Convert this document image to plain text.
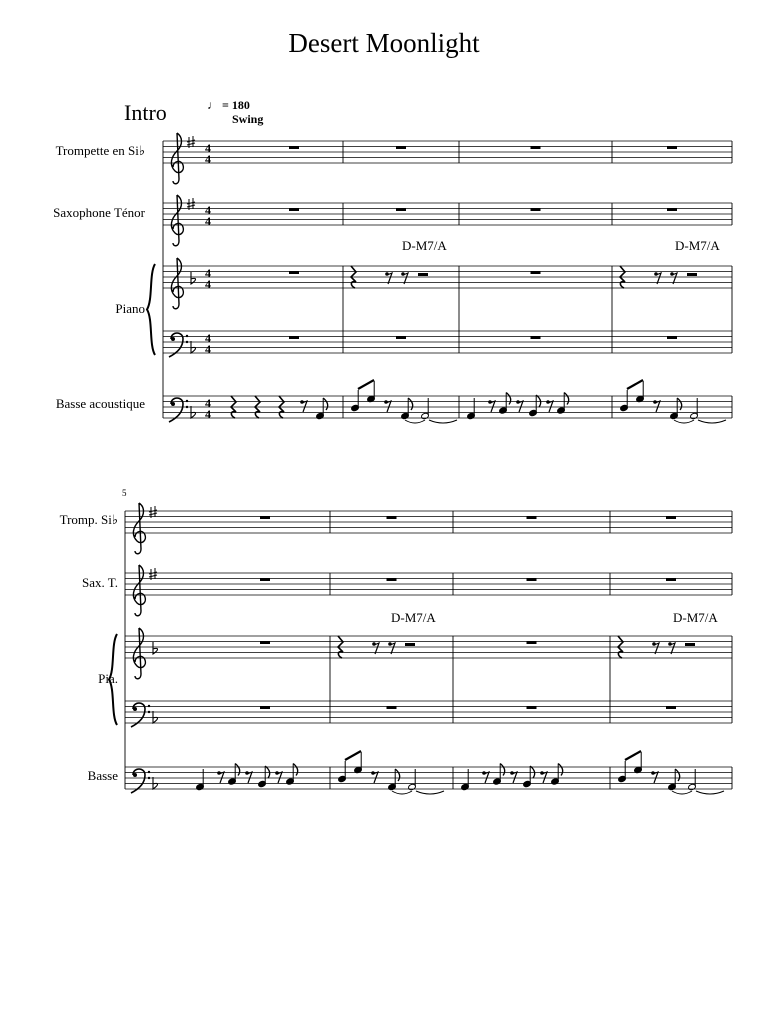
Desert Moonlight
Intro	♩ = 180
Swing
Trompette en Si♭
Saxophone Ténor
Piano
Basse acoustique
Tromp. Si♭
Sax. T.
Pia.
Basse
D-M7/A	D-M7/A
D-M7/A	D-M7/A
5
4
4
4
4
4
4
4
4
4
4
